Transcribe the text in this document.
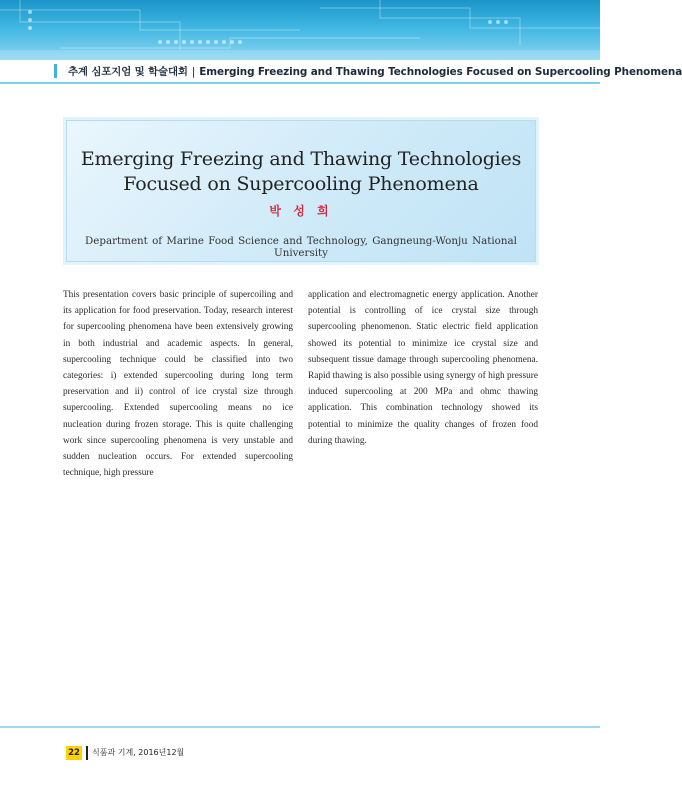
추계 심포지엄 및 학술대회 | Emerging Freezing and Thawing Technologies Focused on Supercooling Phenomena
Emerging Freezing and Thawing Technologies
Focused on Supercooling Phenomena
박 성 희
Department of Marine Food Science and Technology, Gangneung-Wonju National University
This presentation covers basic principle of supercoiling and its application for food preservation. Today, research interest for supercooling phenomena have been extensively growing in both industrial and academic aspects. In general, supercooling technique could be classified into two categories: i) extended supercooling during long term preservation and ii) control of ice crystal size through supercooling. Extended supercooling means no ice nucleation during frozen storage. This is quite challenging work since supercooling phenomena is very unstable and sudden nucleation occurs. For extended supercooling technique, high pressure
application and electromagnetic energy application. Another potential is controlling of ice crystal size through supercooling phenomenon. Static electric field application showed its potential to minimize ice crystal size and subsequent tissue damage through supercooling phenomena. Rapid thawing is also possible using synergy of high pressure induced supercooling at 200 MPa and ohmc thawing application. This combination technology showed its potential to minimize the quality changes of frozen food during thawing.
22 식품과 기계, 2016년12월
